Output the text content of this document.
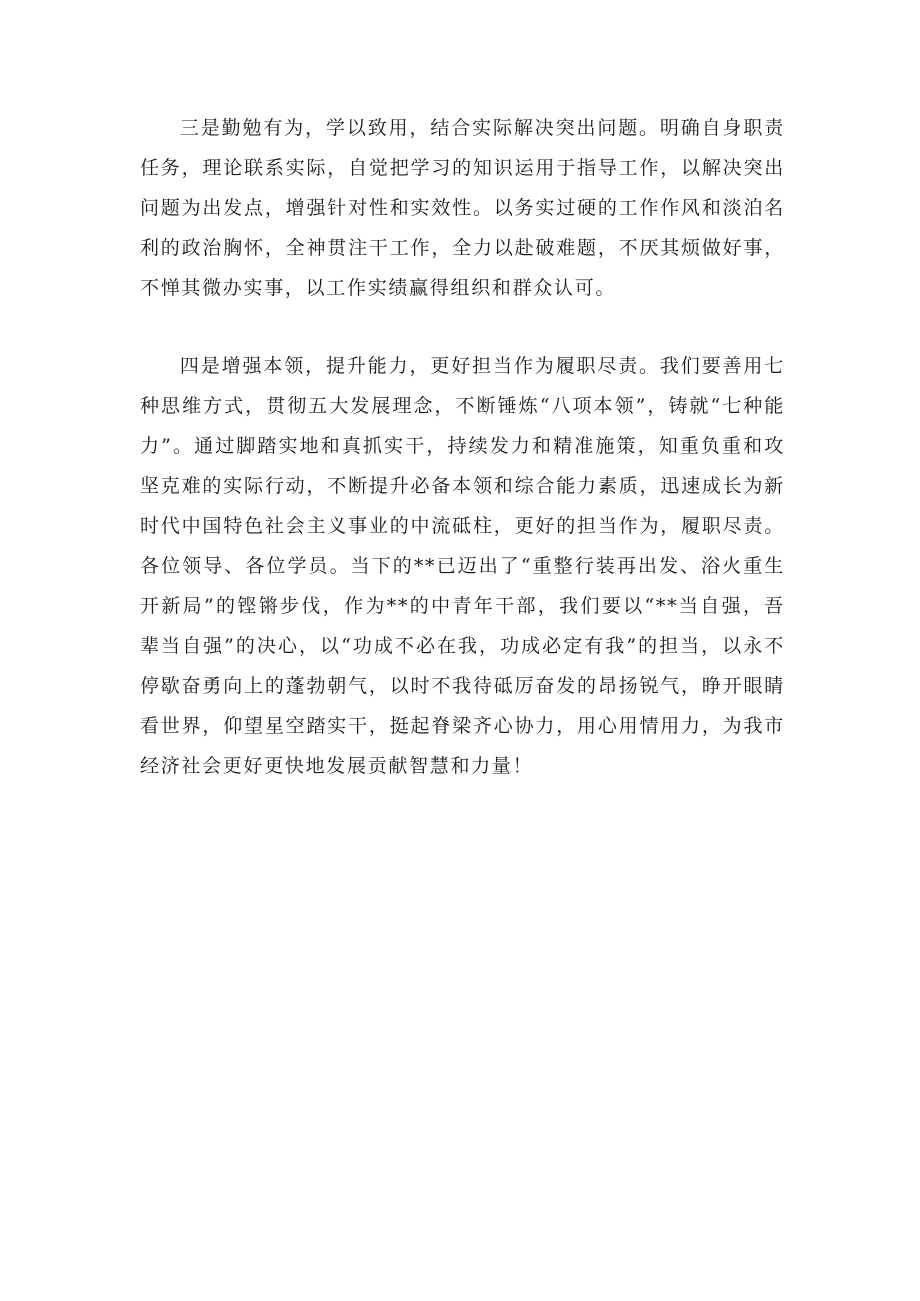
三是勤勉有为，学以致用，结合实际解决突出问题。明确自身职责任务，理论联系实际，自觉把学习的知识运用于指导工作，以解决突出问题为出发点，增强针对性和实效性。以务实过硬的工作作风和淡泊名利的政治胸怀，全神贯注干工作，全力以赴破难题，不厌其烦做好事，不惮其微办实事，以工作实绩赢得组织和群众认可。

四是增强本领，提升能力，更好担当作为履职尽责。我们要善用七种思维方式，贯彻五大发展理念，不断锤炼“八项本领”，铸就“七种能力”。通过脚踏实地和真抓实干，持续发力和精准施策，知重负重和攻坚克难的实际行动，不断提升必备本领和综合能力素质，迅速成长为新时代中国特色社会主义事业的中流砥柱，更好的担当作为，履职尽责。各位领导、各位学员。当下的**已迈出了“重整行装再出发、浴火重生开新局”的铿锵步伐，作为**的中青年干部，我们要以“**当自强，吾辈当自强”的决心，以“功成不必在我，功成必定有我”的担当，以永不停歇奋勇向上的蓬勃朝气，以时不我待砥厉奋发的昂扬锐气，睁开眼睛看世界，仰望星空踏实干，挺起脊梁齐心协力，用心用情用力，为我市经济社会更好更快地发展贡献智慧和力量！
